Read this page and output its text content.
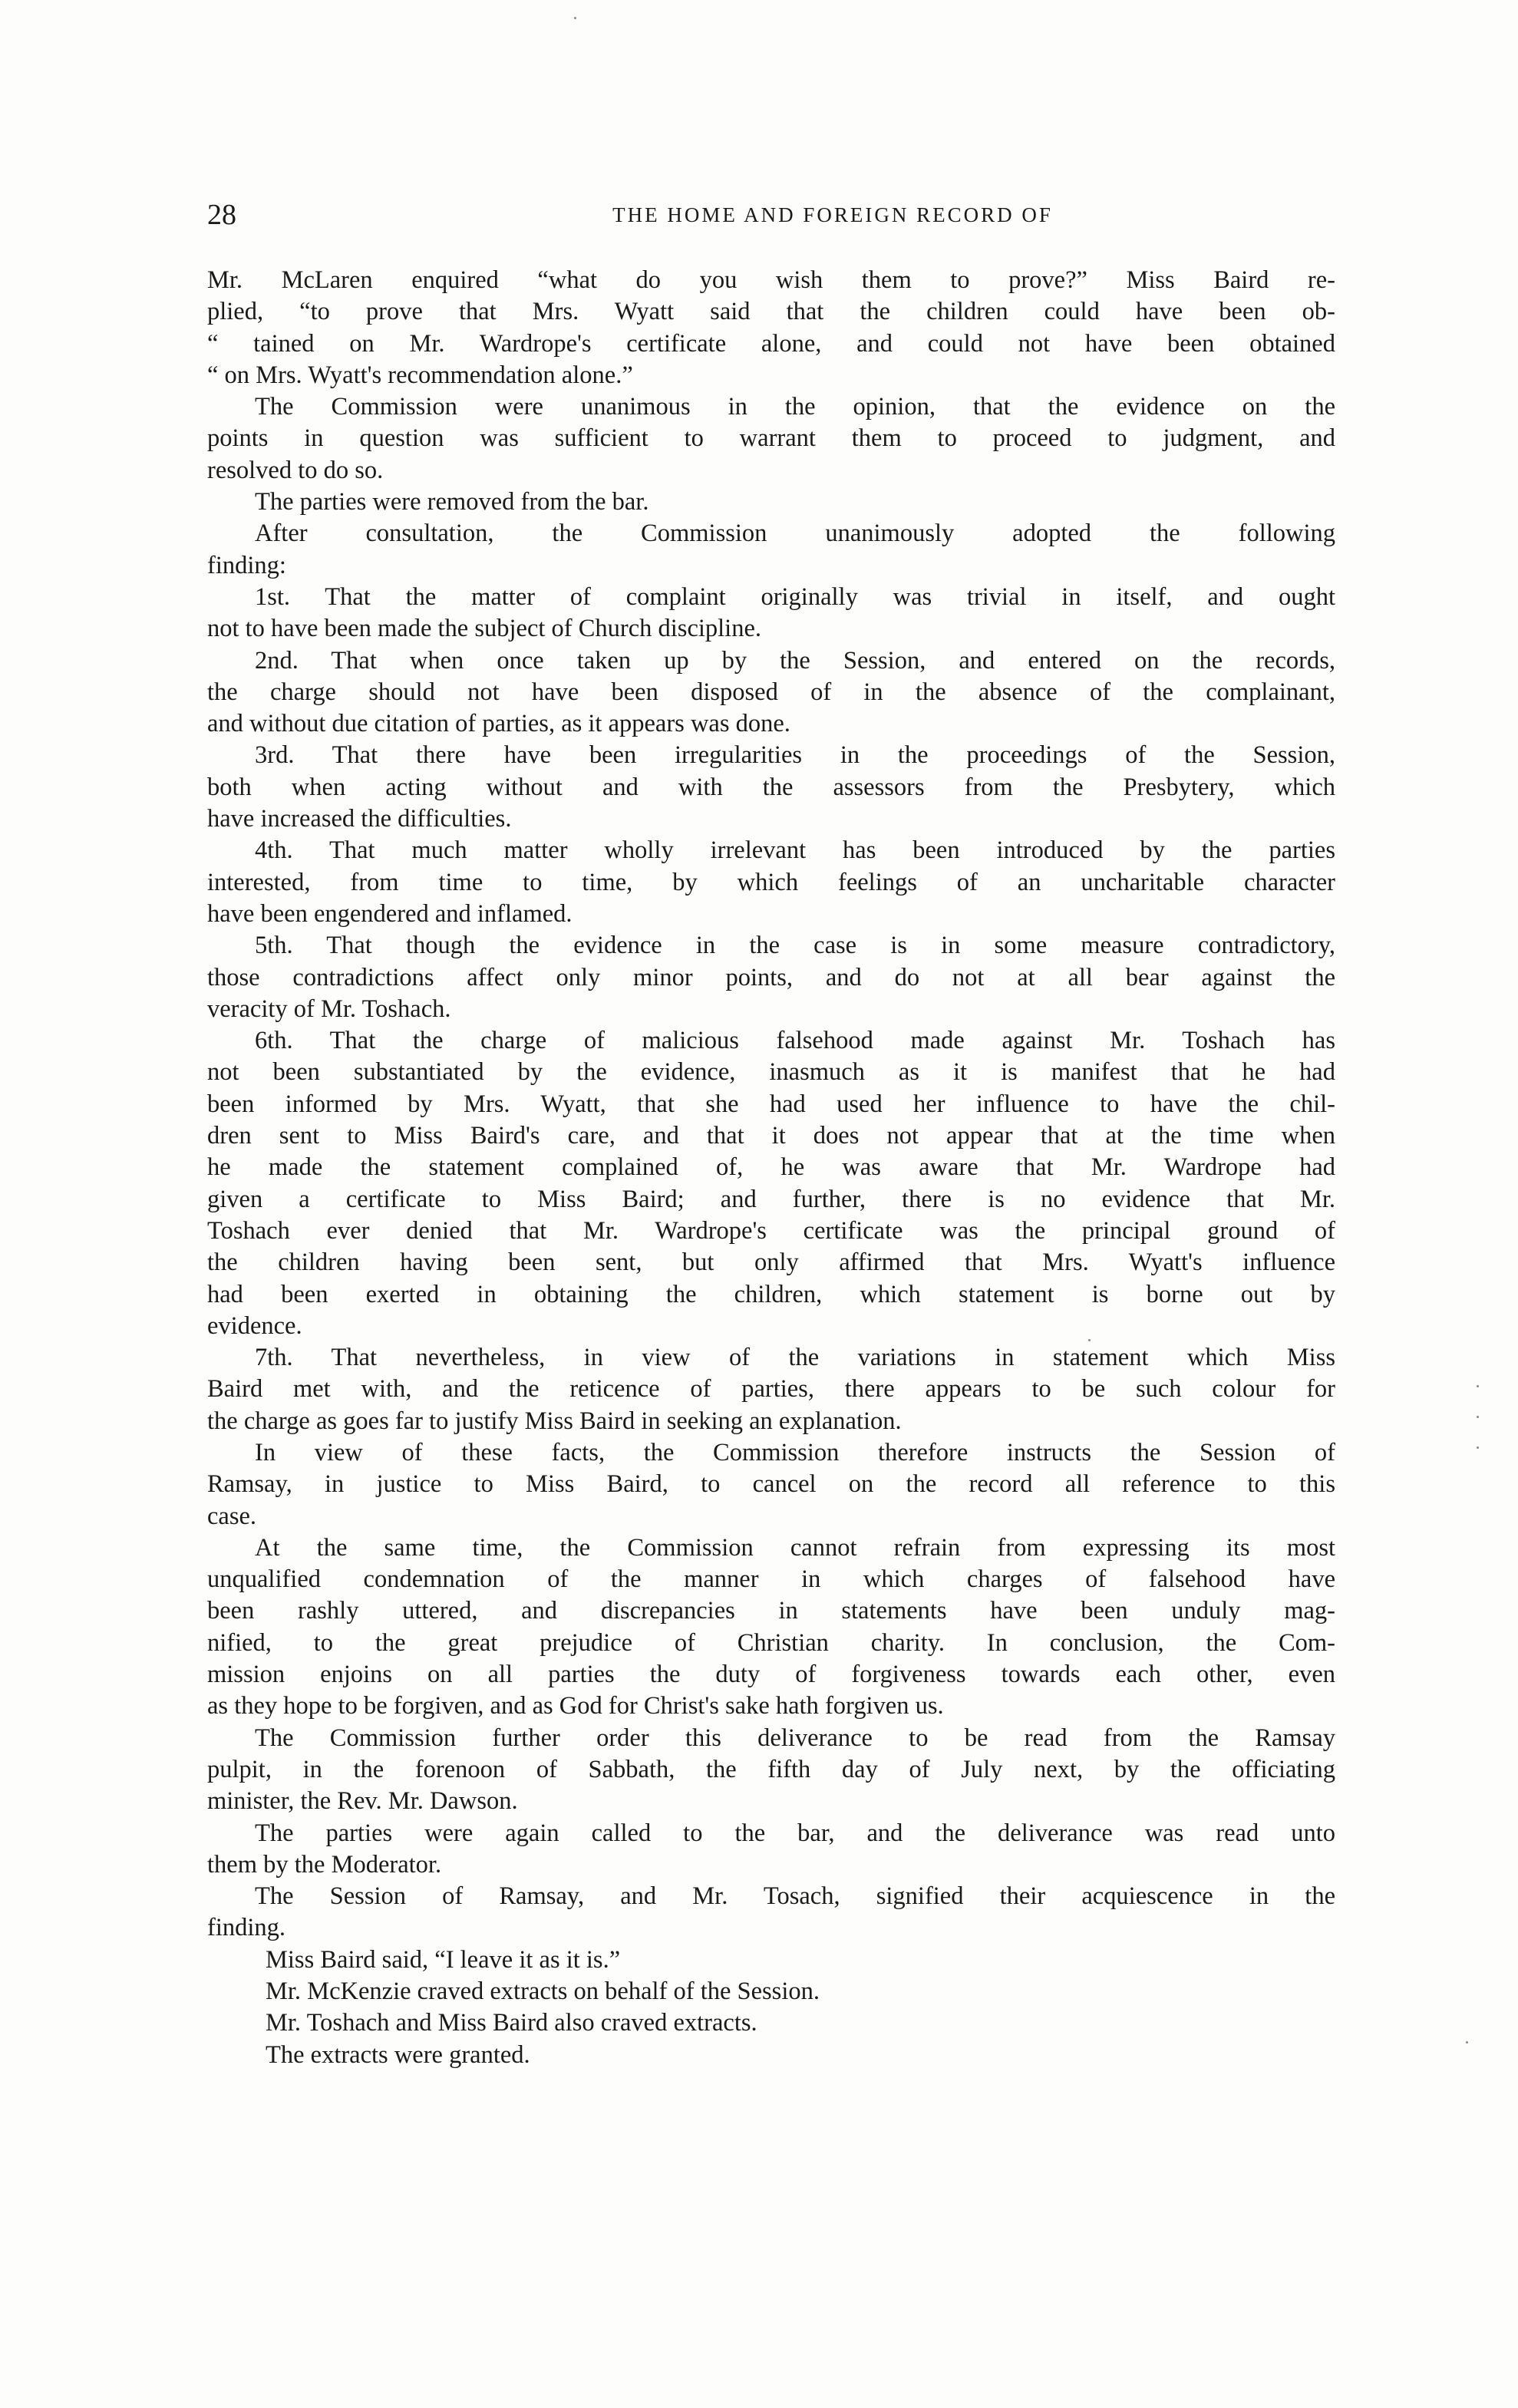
28	THE HOME AND FOREIGN RECORD OF
Mr. McLaren enquired “what do you wish them to prove?” Miss Baird re-
plied, “to prove that Mrs. Wyatt said that the children could have been ob-
“ tained on Mr. Wardrope's certificate alone, and could not have been obtained
“ on Mrs. Wyatt's recommendation alone.”
The Commission were unanimous in the opinion, that the evidence on the
points in question was sufficient to warrant them to proceed to judgment, and
resolved to do so.
The parties were removed from the bar.
After consultation, the Commission unanimously adopted the following
finding:
1st. That the matter of complaint originally was trivial in itself, and ought
not to have been made the subject of Church discipline.
2nd. That when once taken up by the Session, and entered on the records,
the charge should not have been disposed of in the absence of the complainant,
and without due citation of parties, as it appears was done.
3rd. That there have been irregularities in the proceedings of the Session,
both when acting without and with the assessors from the Presbytery, which
have increased the difficulties.
4th. That much matter wholly irrelevant has been introduced by the parties
interested, from time to time, by which feelings of an uncharitable character
have been engendered and inflamed.
5th. That though the evidence in the case is in some measure contradictory,
those contradictions affect only minor points, and do not at all bear against the
veracity of Mr. Toshach.
6th. That the charge of malicious falsehood made against Mr. Toshach has
not been substantiated by the evidence, inasmuch as it is manifest that he had
been informed by Mrs. Wyatt, that she had used her influence to have the chil-
dren sent to Miss Baird's care, and that it does not appear that at the time when
he made the statement complained of, he was aware that Mr. Wardrope had
given a certificate to Miss Baird; and further, there is no evidence that Mr.
Toshach ever denied that Mr. Wardrope's certificate was the principal ground of
the children having been sent, but only affirmed that Mrs. Wyatt's influence
had been exerted in obtaining the children, which statement is borne out by
evidence.
7th. That nevertheless, in view of the variations in statement which Miss
Baird met with, and the reticence of parties, there appears to be such colour for
the charge as goes far to justify Miss Baird in seeking an explanation.
In view of these facts, the Commission therefore instructs the Session of
Ramsay, in justice to Miss Baird, to cancel on the record all reference to this
case.
At the same time, the Commission cannot refrain from expressing its most
unqualified condemnation of the manner in which charges of falsehood have
been rashly uttered, and discrepancies in statements have been unduly mag-
nified, to the great prejudice of Christian charity. In conclusion, the Com-
mission enjoins on all parties the duty of forgiveness towards each other, even
as they hope to be forgiven, and as God for Christ's sake hath forgiven us.
The Commission further order this deliverance to be read from the Ramsay
pulpit, in the forenoon of Sabbath, the fifth day of July next, by the officiating
minister, the Rev. Mr. Dawson.
The parties were again called to the bar, and the deliverance was read unto
them by the Moderator.
The Session of Ramsay, and Mr. Tosach, signified their acquiescence in the
finding.
Miss Baird said, “I leave it as it is.”
Mr. McKenzie craved extracts on behalf of the Session.
Mr. Toshach and Miss Baird also craved extracts.
The extracts were granted.
